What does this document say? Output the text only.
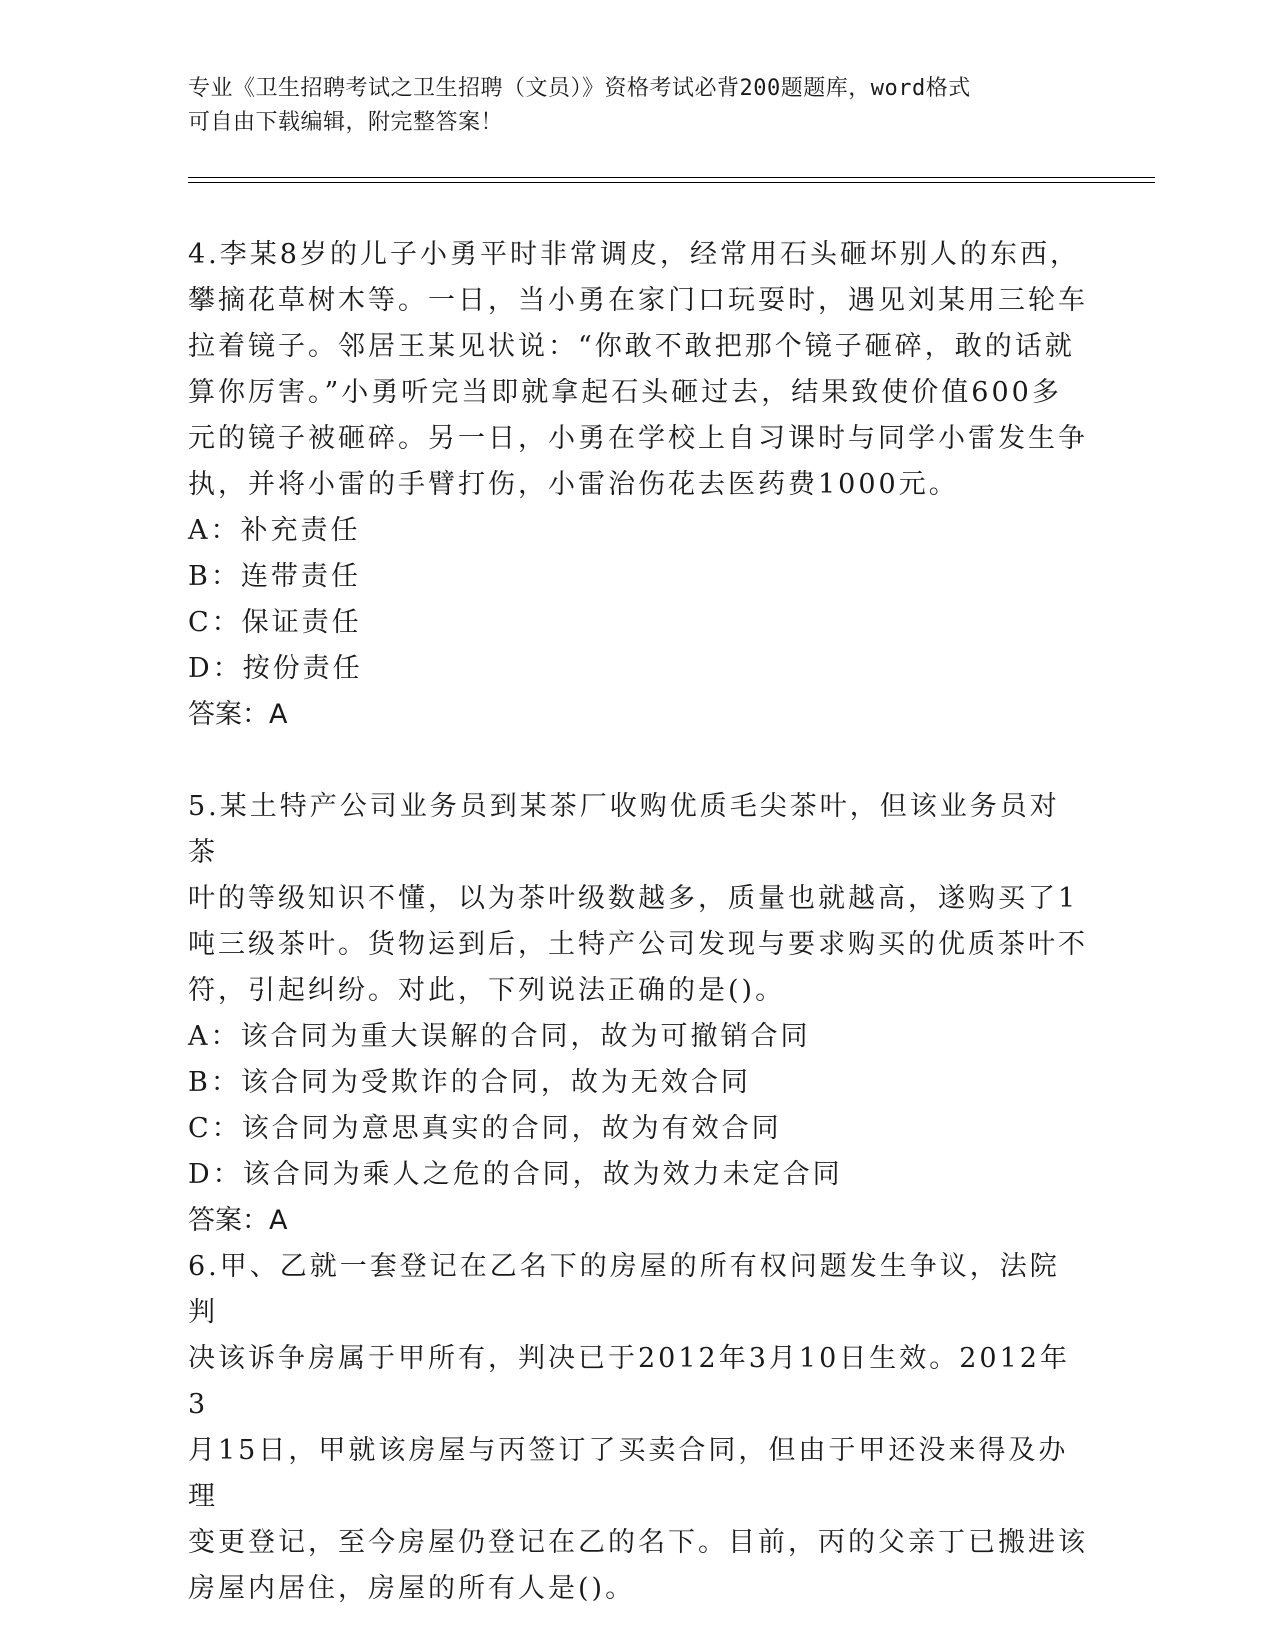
专业《卫生招聘考试之卫生招聘（文员）》资格考试必背200题题库，word格式

可自由下载编辑，附完整答案！

4.李某8岁的儿子小勇平时非常调皮，经常用石头砸坏别人的东西，

攀摘花草树木等。一日，当小勇在家门口玩耍时，遇见刘某用三轮车

拉着镜子。邻居王某见状说：“你敢不敢把那个镜子砸碎，敢的话就

算你厉害。”小勇听完当即就拿起石头砸过去，结果致使价值600多

元的镜子被砸碎。另一日，小勇在学校上自习课时与同学小雷发生争

执，并将小雷的手臂打伤，小雷治伤花去医药费1000元。

A：补充责任

B：连带责任

C：保证责任

D：按份责任

答案：A

5.某土特产公司业务员到某茶厂收购优质毛尖茶叶，但该业务员对茶

叶的等级知识不懂，以为茶叶级数越多，质量也就越高，遂购买了1

吨三级茶叶。货物运到后，土特产公司发现与要求购买的优质茶叶不

符，引起纠纷。对此，下列说法正确的是()。

A：该合同为重大误解的合同，故为可撤销合同

B：该合同为受欺诈的合同，故为无效合同

C：该合同为意思真实的合同，故为有效合同

D：该合同为乘人之危的合同，故为效力未定合同

答案：A

6.甲、乙就一套登记在乙名下的房屋的所有权问题发生争议，法院判

决该诉争房属于甲所有，判决已于2012年3月10日生效。2012年3

月15日，甲就该房屋与丙签订了买卖合同，但由于甲还没来得及办理

变更登记，至今房屋仍登记在乙的名下。目前，丙的父亲丁已搬进该

房屋内居住，房屋的所有人是()。
